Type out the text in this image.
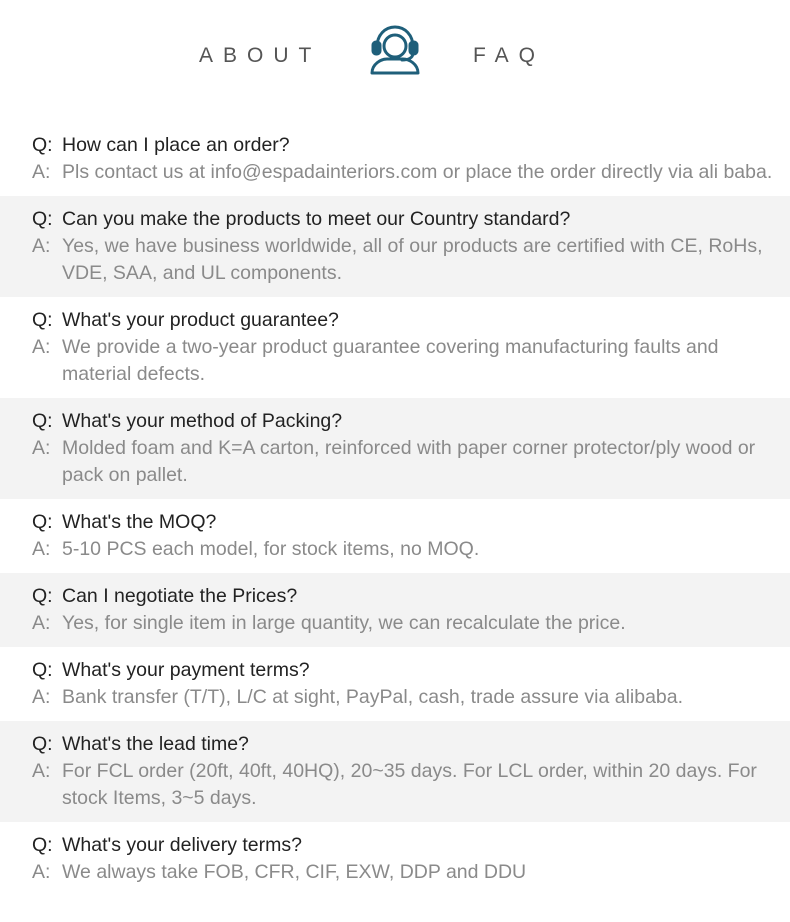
ABOUT	FAQ
Q: How can I place an order?
A: Pls contact us at info@espadainteriors.com or place the order directly via ali baba.
Q: Can you make the products to meet our Country standard?
A: Yes, we have business worldwide, all of our products are certified with CE, RoHs, VDE, SAA, and UL components.
Q: What's your product guarantee?
A: We provide a two-year product guarantee covering manufacturing faults and material defects.
Q: What's your method of Packing?
A: Molded foam and K=A carton, reinforced with paper corner protector/ply wood or pack on pallet.
Q: What's the MOQ?
A: 5-10 PCS each model, for stock items, no MOQ.
Q: Can I negotiate the Prices?
A: Yes, for single item in large quantity, we can recalculate the price.
Q: What's your payment terms?
A: Bank transfer (T/T), L/C at sight, PayPal, cash, trade assure via alibaba.
Q: What's the lead time?
A: For FCL order (20ft, 40ft, 40HQ), 20~35 days. For LCL order, within 20 days. For stock Items, 3~5 days.
Q: What's your delivery terms?
A: We always take FOB, CFR, CIF, EXW, DDP and DDU
